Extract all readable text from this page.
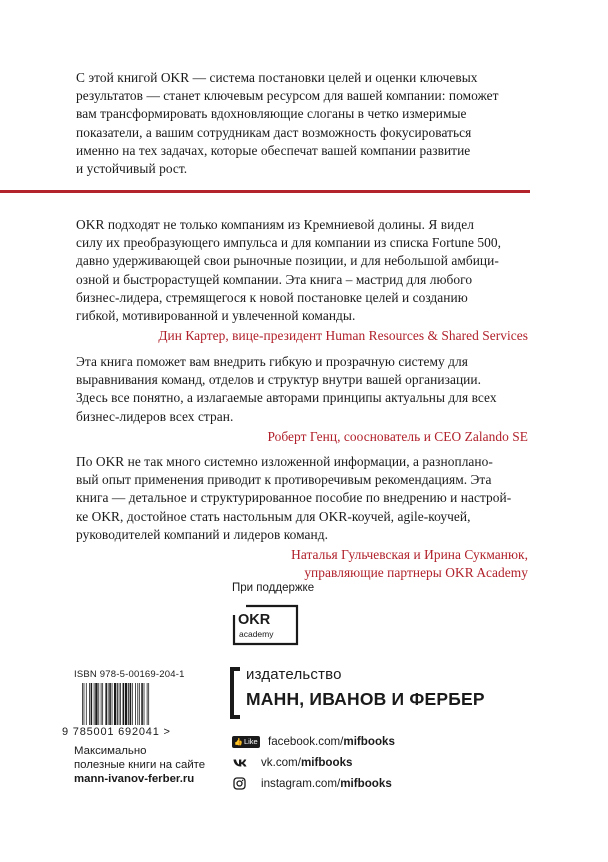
С этой книгой OKR — система постановки целей и оценки ключевых
результатов — станет ключевым ресурсом для вашей компании: поможет
вам трансформировать вдохновляющие слоганы в четко измеримые
показатели, а вашим сотрудникам даст возможность фокусироваться
именно на тех задачах, которые обеспечат вашей компании развитие
и устойчивый рост.
OKR подходят не только компаниям из Кремниевой долины. Я видел
силу их преобразующего импульса и для компании из списка Fortune 500,
давно удерживающей свои рыночные позиции, и для небольшой амбици-
озной и быстрорастущей компании. Эта книга – мастрид для любого
бизнес-лидера, стремящегося к новой постановке целей и созданию
гибкой, мотивированной и увлеченной команды.
Дин Картер, вице-президент Human Resources & Shared Services
Эта книга поможет вам внедрить гибкую и прозрачную систему для
выравнивания команд, отделов и структур внутри вашей организации.
Здесь все понятно, а излагаемые авторами принципы актуальны для всех
бизнес-лидеров всех стран.
Роберт Генц, сооснователь и CEO Zalando SE
По OKR не так много системно изложенной информации, а разноплано-
вый опыт применения приводит к противоречивым рекомендациям. Эта
книга — детальное и структурированное пособие по внедрению и настрой-
ке OKR, достойное стать настольным для OKR-коучей, agile-коучей,
руководителей компаний и лидеров команд.
Наталья Гульчевская и Ирина Сукманюк,
управляющие партнеры OKR Academy
При поддержке
OKR
academy
ISBN 978-5-00169-204-1
9 785001 692041 >
Максимально
полезные книги на сайте
mann-ivanov-ferber.ru
издательство
МАНН, ИВАНОВ И ФЕРБЕР
👍 Like facebook.com/ mifbooks
vk.com/ mifbooks
instagram.com/ mifbooks
